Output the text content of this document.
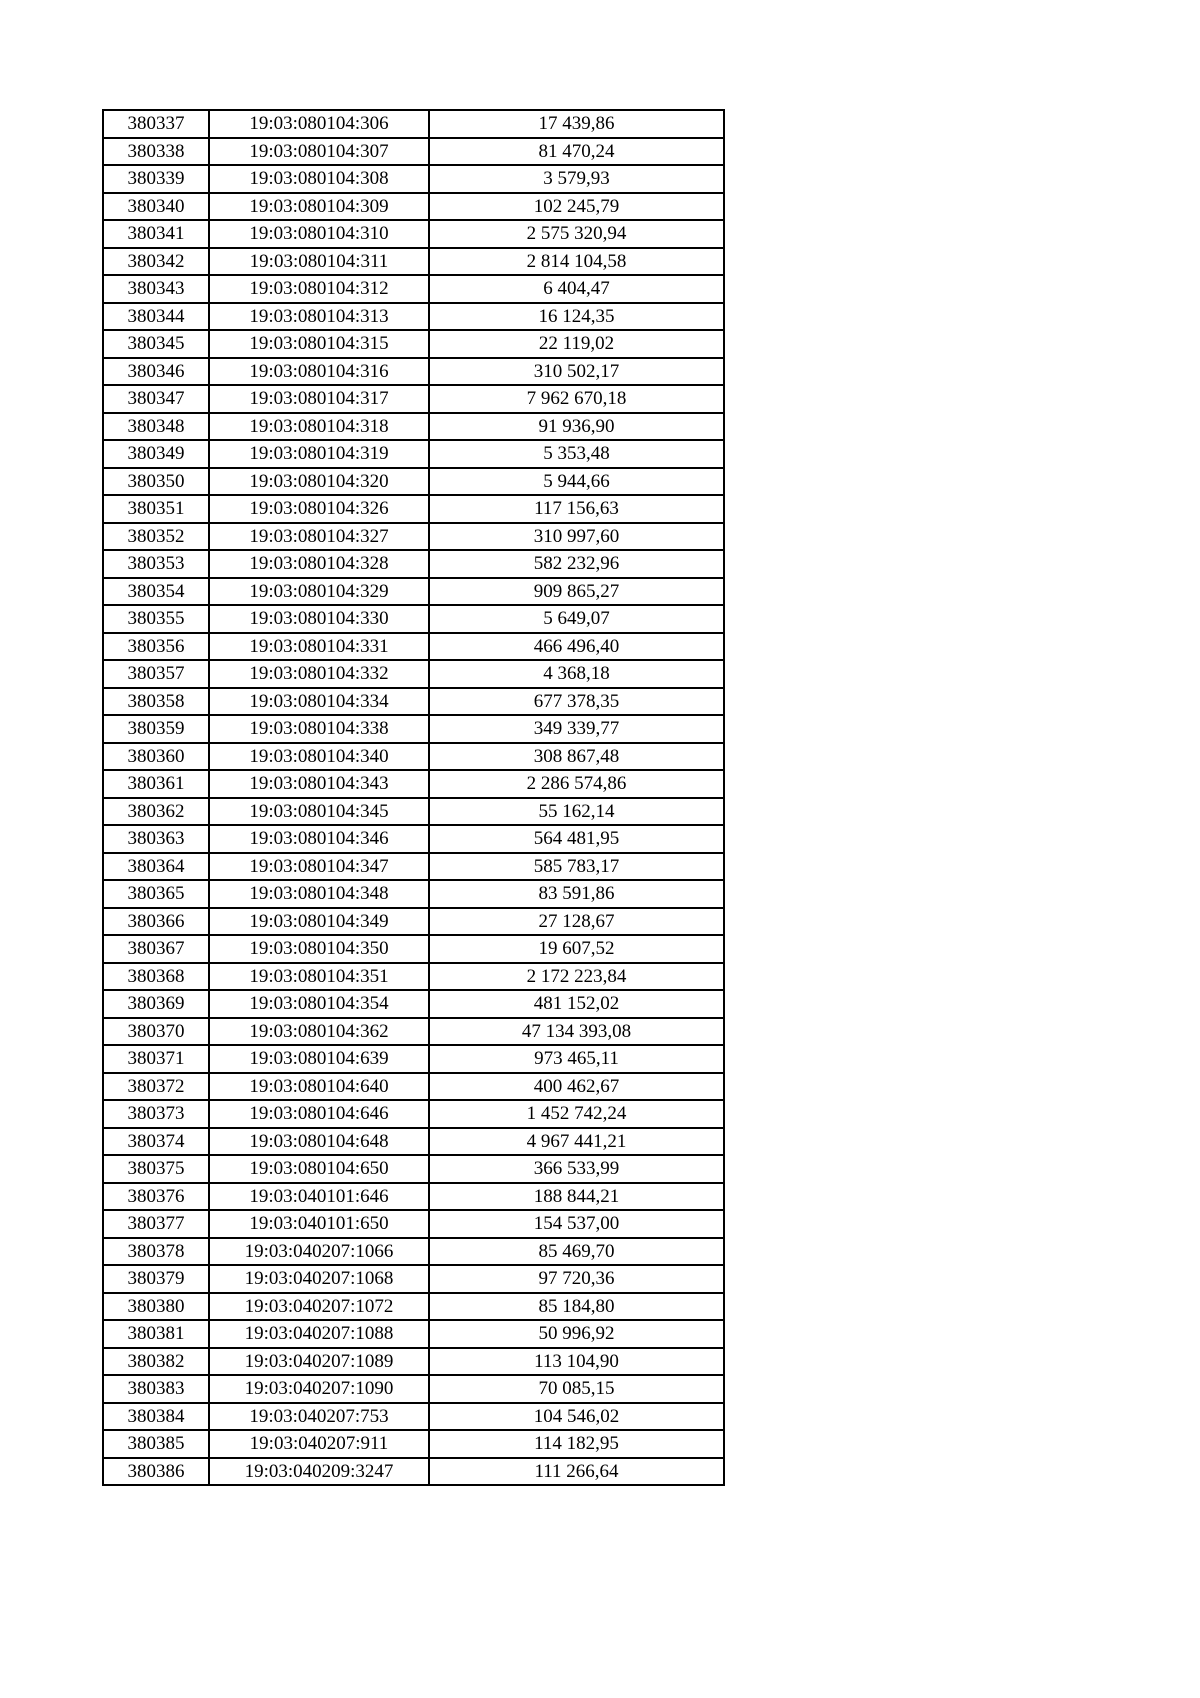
380337	19:03:080104:306	17 439,86
380338	19:03:080104:307	81 470,24
380339	19:03:080104:308	3 579,93
380340	19:03:080104:309	102 245,79
380341	19:03:080104:310	2 575 320,94
380342	19:03:080104:311	2 814 104,58
380343	19:03:080104:312	6 404,47
380344	19:03:080104:313	16 124,35
380345	19:03:080104:315	22 119,02
380346	19:03:080104:316	310 502,17
380347	19:03:080104:317	7 962 670,18
380348	19:03:080104:318	91 936,90
380349	19:03:080104:319	5 353,48
380350	19:03:080104:320	5 944,66
380351	19:03:080104:326	117 156,63
380352	19:03:080104:327	310 997,60
380353	19:03:080104:328	582 232,96
380354	19:03:080104:329	909 865,27
380355	19:03:080104:330	5 649,07
380356	19:03:080104:331	466 496,40
380357	19:03:080104:332	4 368,18
380358	19:03:080104:334	677 378,35
380359	19:03:080104:338	349 339,77
380360	19:03:080104:340	308 867,48
380361	19:03:080104:343	2 286 574,86
380362	19:03:080104:345	55 162,14
380363	19:03:080104:346	564 481,95
380364	19:03:080104:347	585 783,17
380365	19:03:080104:348	83 591,86
380366	19:03:080104:349	27 128,67
380367	19:03:080104:350	19 607,52
380368	19:03:080104:351	2 172 223,84
380369	19:03:080104:354	481 152,02
380370	19:03:080104:362	47 134 393,08
380371	19:03:080104:639	973 465,11
380372	19:03:080104:640	400 462,67
380373	19:03:080104:646	1 452 742,24
380374	19:03:080104:648	4 967 441,21
380375	19:03:080104:650	366 533,99
380376	19:03:040101:646	188 844,21
380377	19:03:040101:650	154 537,00
380378	19:03:040207:1066	85 469,70
380379	19:03:040207:1068	97 720,36
380380	19:03:040207:1072	85 184,80
380381	19:03:040207:1088	50 996,92
380382	19:03:040207:1089	113 104,90
380383	19:03:040207:1090	70 085,15
380384	19:03:040207:753	104 546,02
380385	19:03:040207:911	114 182,95
380386	19:03:040209:3247	111 266,64
